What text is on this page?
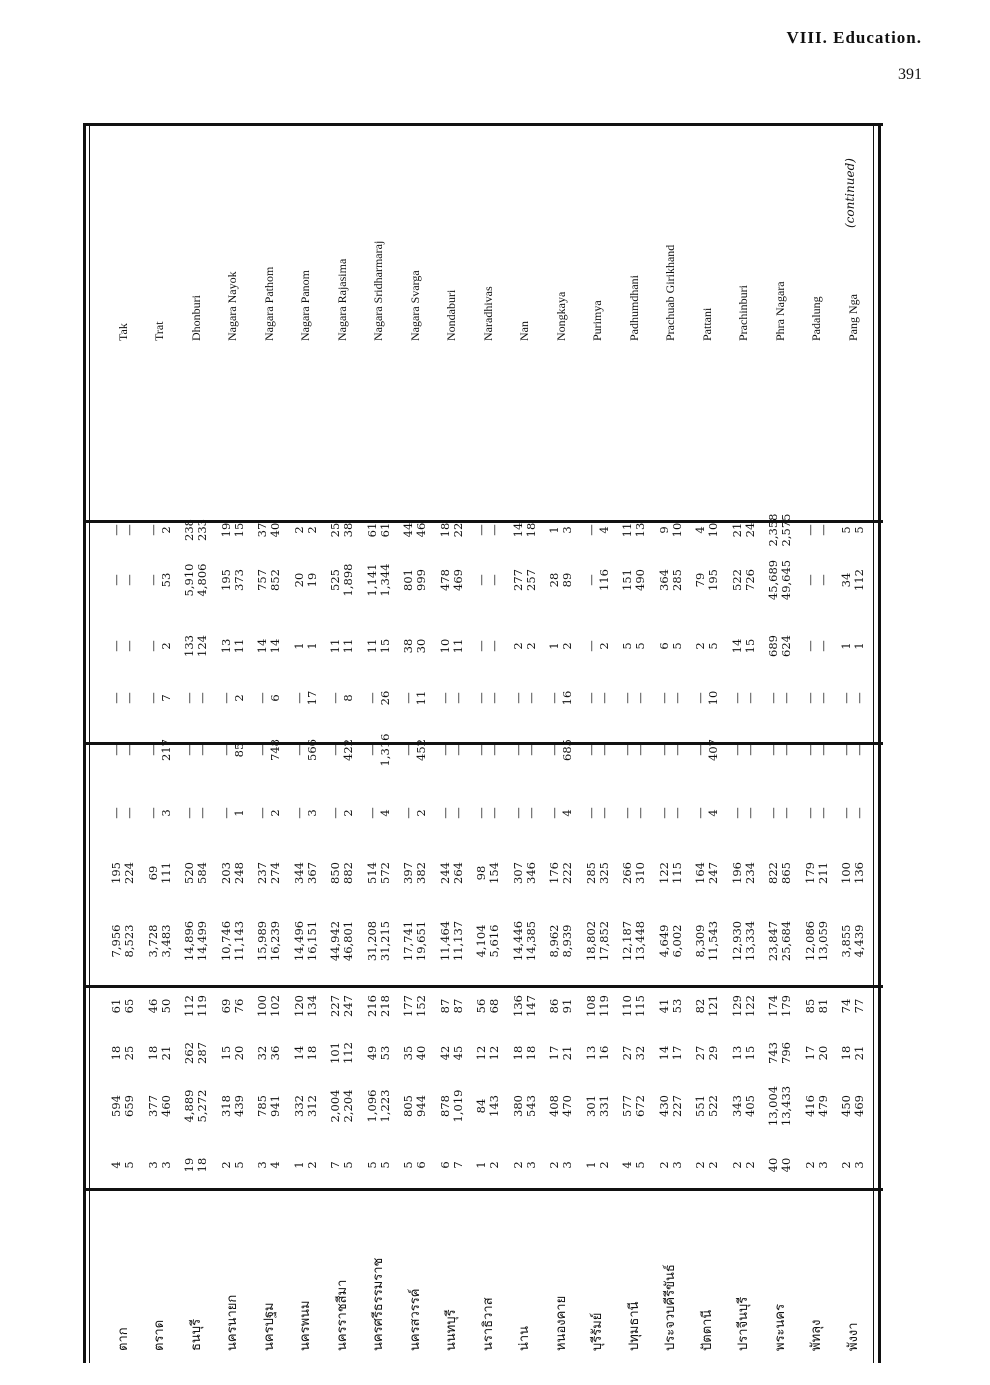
VIII. Education.
391
ตาก
4 5
594 659
18 25
61 65
7,956 8,523
195 224
— —
— —
— —
— —
— —
— —
Tak
ตราด
3 3
377 460
18 21
46 50
3,728 3,483
69 111
— 3
— 217
— 7
— 2
— 53
— 2
Trat
ธนบุรี
19 18
4,889 5,272
262 287
112 119
14,896 14,499
520 584
— —
— —
— —
133 124
5,910 4,806
238 233
Dhonburi
นครนายก
2 5
318 439
15 20
69 76
10,746 11,143
203 248
— 1
— 85
— 2
13 11
195 373
19 15
Nagara Nayok
นครปฐม
3 4
785 941
32 36
100 102
15,989 16,239
237 274
— 2
— 748
— 6
14 14
757 852
37 40
Nagara Pathom
นครพนม
1 2
332 312
14 18
120 134
14,496 16,151
344 367
— 3
— 566
— 17
1 1
20 19
2 2
Nagara Panom
นครราชสีมา
7 5
2,004 2,204
101 112
227 247
44,942 46,801
850 882
— 2
— 422
— 8
11 11
525 1,898
25 38
Nagara Rajasima
นครศรีธรรมราช
5 5
1,096 1,223
49 53
216 218
31,208 31,215
514 572
— 4
— 1,316
— 26
11 15
1,141 1,344
61 61
Nagara Sridharmaraj
นครสวรรค์
5 6
805 944
35 40
177 152
17,741 19,651
397 382
— 2
— 452
— 11
38 30
801 999
44 46
Nagara Svarga
นนทบุรี
6 7
878 1,019
42 45
87 87
11,464 11,137
244 264
— —
— —
— —
10 11
478 469
18 22
Nondaburi
นราธิวาส
1 2
84 143
12 12
56 68
4,104 5,616
98 154
— —
— —
— —
— —
— —
— —
Naradhivas
น่าน
2 3
380 543
18 18
136 147
14,446 14,385
307 346
— —
— —
— —
2 2
277 257
14 18
Nan
หนองคาย
2 3
408 470
17 21
86 91
8,962 8,939
176 222
— 4
— 685
— 16
1 2
28 89
1 3
Nongkaya
บุรีรัมย์
1 2
301 331
13 16
108 119
18,802 17,852
285 325
— —
— —
— —
— 2
— 116
— 4
Purimya
ปทุมธานี
4 5
577 672
27 32
110 115
12,187 13,448
266 310
— —
— —
— —
5 5
151 490
11 13
Padhumdhani
ประจวบคีรีขันธ์
2 3
430 227
14 17
41 53
4,649 6,002
122 115
— —
— —
— —
6 5
364 285
9 10
Prachuab Girikhand
ปัตตานี
2 2
551 522
27 29
82 121
8,309 11,543
164 247
— 4
— 407
— 10
2 5
79 195
4 10
Pattani
ปราจีนบุรี
2 2
343 405
13 15
129 122
12,930 13,334
196 234
— —
— —
— —
14 15
522 726
21 24
Prachinburi
พระนคร
40 40
13,004 13,433
743 796
174 179
23,847 25,684
822 865
— —
— —
— —
689 624
45,689 49,645
2,358 2,575
Phra Nagara
พัทลุง
2 3
416 479
17 20
85 81
12,086 13,059
179 211
— —
— —
— —
— —
— —
— —
Padalung
พังงา
2 3
450 469
18 21
74 77
3,855 4,439
100 136
— —
— —
— —
1 1
34 112
5 5
Pang Nga
(continued)
